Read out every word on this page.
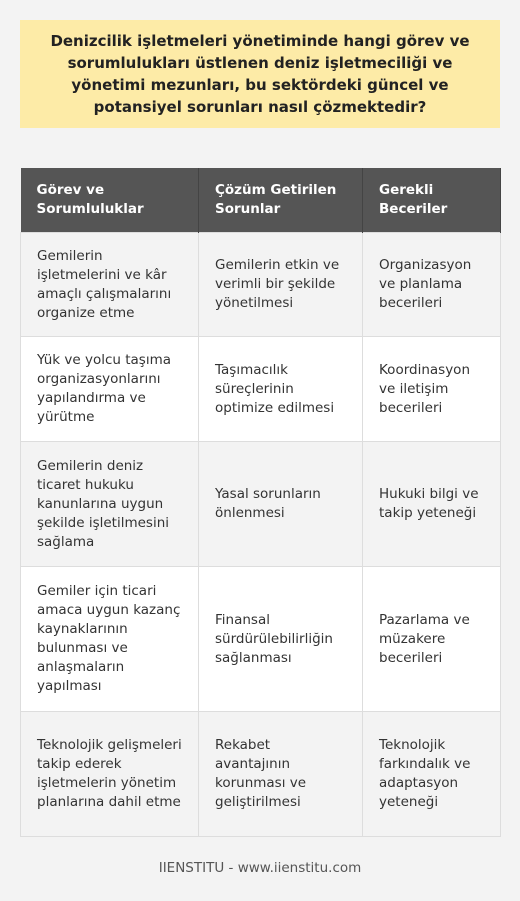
Denizcilik işletmeleri yönetiminde hangi görev ve sorumlulukları üstlenen deniz işletmeciliği ve yönetimi mezunları, bu sektördeki güncel ve potansiyel sorunları nasıl çözmektedir?
Görev ve Sorumluluklar	Çözüm Getirilen Sorunlar	Gerekli Beceriler
Gemilerin işletmelerini ve kâr amaçlı çalışmalarını organize etme	Gemilerin etkin ve verimli bir şekilde yönetilmesi	Organizasyon ve planlama becerileri
Yük ve yolcu taşıma organizasyonlarını yapılandırma ve yürütme	Taşımacılık süreçlerinin optimize edilmesi	Koordinasyon ve iletişim becerileri
Gemilerin deniz ticaret hukuku kanunlarına uygun şekilde işletilmesini sağlama	Yasal sorunların önlenmesi	Hukuki bilgi ve takip yeteneği
Gemiler için ticari amaca uygun kazanç kaynaklarının bulunması ve anlaşmaların yapılması	Finansal sürdürülebilirliğin sağlanması	Pazarlama ve müzakere becerileri
Teknolojik gelişmeleri takip ederek işletmelerin yönetim planlarına dahil etme	Rekabet avantajının korunması ve geliştirilmesi	Teknolojik farkındalık ve adaptasyon yeteneği
IIENSTITU - www.iienstitu.com
